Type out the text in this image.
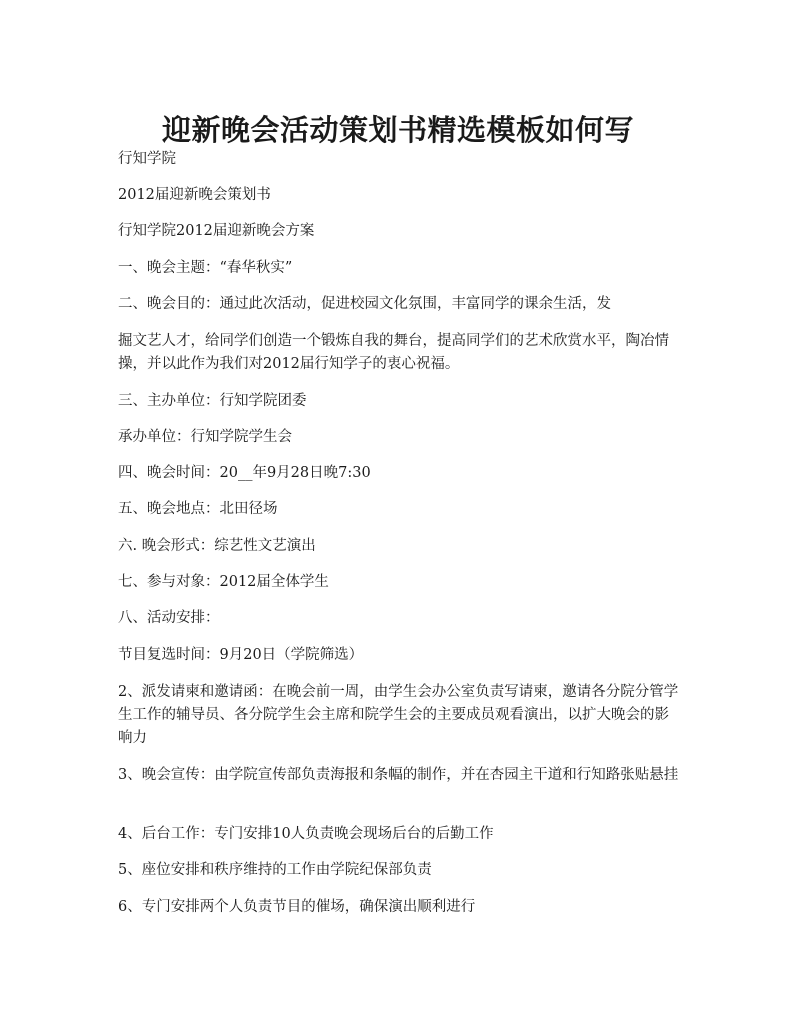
迎新晚会活动策划书精选模板如何写

行知学院

2012届迎新晚会策划书

行知学院2012届迎新晚会方案

一、晚会主题：“春华秋实”

二、晚会目的：通过此次活动，促进校园文化氛围，丰富同学的课余生活，发

掘文艺人才，给同学们创造一个锻炼自我的舞台，提高同学们的艺术欣赏水平，陶冶情操，并以此作为我们对2012届行知学子的衷心祝福。

三、主办单位：行知学院团委

承办单位：行知学院学生会

四、晚会时间：20__年9月28日晚7:30

五、晚会地点：北田径场

六. 晚会形式：综艺性文艺演出

七、参与对象：2012届全体学生

八、活动安排：

节目复选时间：9月20日（学院筛选）

2、派发请柬和邀请函：在晚会前一周，由学生会办公室负责写请柬，邀请各分院分管学生工作的辅导员、各分院学生会主席和院学生会的主要成员观看演出，以扩大晚会的影响力

3、晚会宣传：由学院宣传部负责海报和条幅的制作，并在杏园主干道和行知路张贴悬挂

4、后台工作：专门安排10人负责晚会现场后台的后勤工作

5、座位安排和秩序维持的工作由学院纪保部负责

6、专门安排两个人负责节目的催场，确保演出顺利进行
